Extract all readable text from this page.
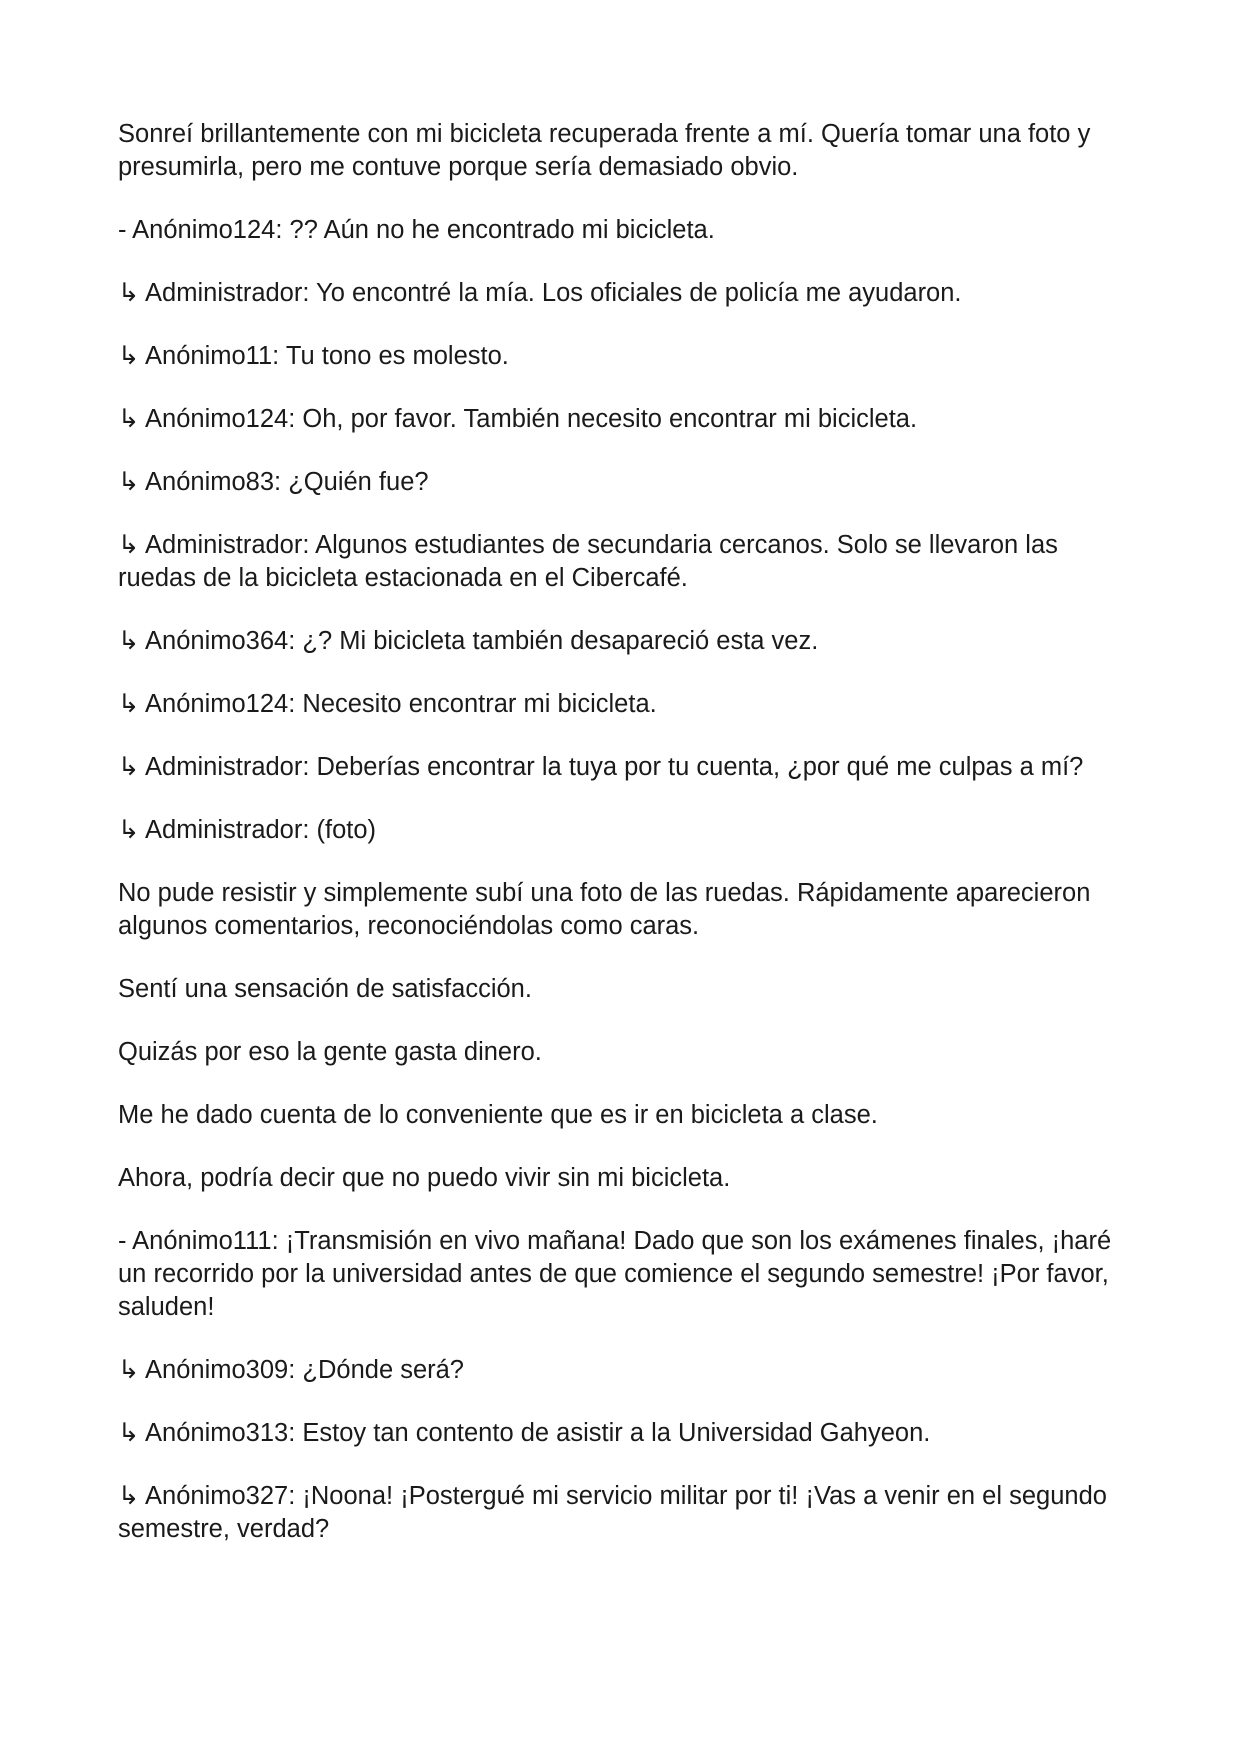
Sonreí brillantemente con mi bicicleta recuperada frente a mí. Quería tomar una foto y presumirla, pero me contuve porque sería demasiado obvio.

- Anónimo124: ?? Aún no he encontrado mi bicicleta.

↳ Administrador: Yo encontré la mía. Los oficiales de policía me ayudaron.

↳ Anónimo11: Tu tono es molesto.

↳ Anónimo124: Oh, por favor. También necesito encontrar mi bicicleta.

↳ Anónimo83: ¿Quién fue?

↳ Administrador: Algunos estudiantes de secundaria cercanos. Solo se llevaron las ruedas de la bicicleta estacionada en el Cibercafé.

↳ Anónimo364: ¿? Mi bicicleta también desapareció esta vez.

↳ Anónimo124: Necesito encontrar mi bicicleta.

↳ Administrador: Deberías encontrar la tuya por tu cuenta, ¿por qué me culpas a mí?

↳ Administrador: (foto)

No pude resistir y simplemente subí una foto de las ruedas. Rápidamente aparecieron algunos comentarios, reconociéndolas como caras.

Sentí una sensación de satisfacción.

Quizás por eso la gente gasta dinero.

Me he dado cuenta de lo conveniente que es ir en bicicleta a clase.

Ahora, podría decir que no puedo vivir sin mi bicicleta.

- Anónimo111: ¡Transmisión en vivo mañana! Dado que son los exámenes finales, ¡haré un recorrido por la universidad antes de que comience el segundo semestre! ¡Por favor, saluden!

↳ Anónimo309: ¿Dónde será?

↳ Anónimo313: Estoy tan contento de asistir a la Universidad Gahyeon.

↳ Anónimo327: ¡Noona! ¡Postergué mi servicio militar por ti! ¡Vas a venir en el segundo semestre, verdad?
